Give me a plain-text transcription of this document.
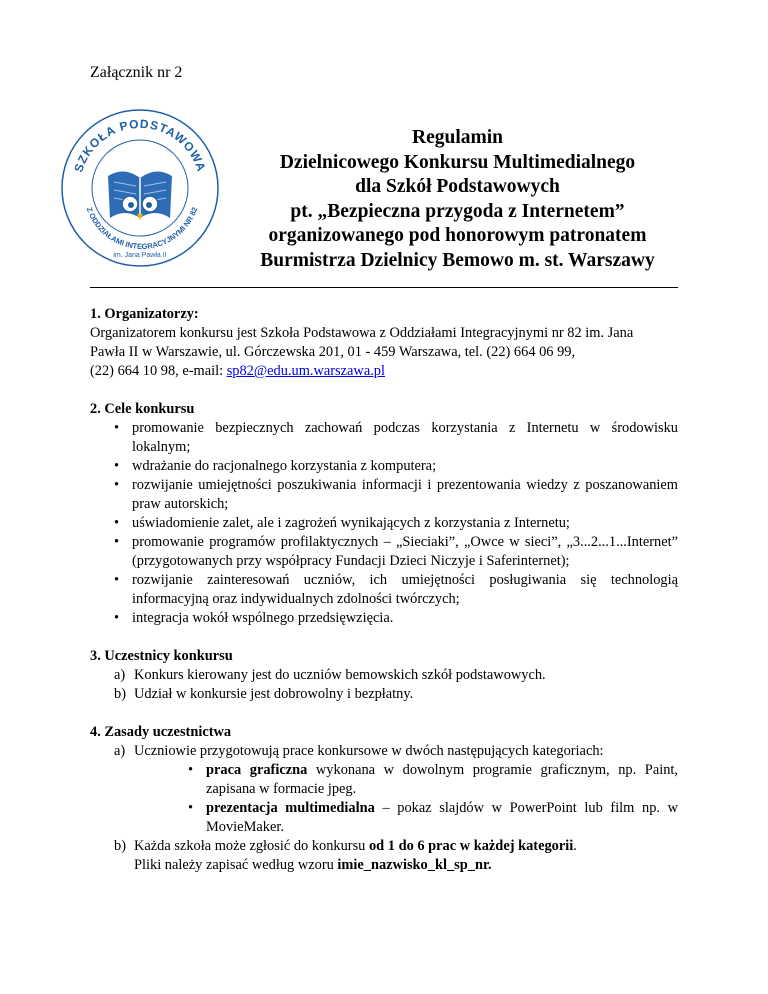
Załącznik nr 2
SZKOŁA PODSTAWOWA
Z ODDZIAŁAMI INTEGRACYJNYMI NR 82
im. Jana Pawła II
Regulamin
Dzielnicowego Konkursu Multimedialnego
dla Szkół Podstawowych
pt. „Bezpieczna przygoda z Internetem”
organizowanego pod honorowym patronatem
Burmistrza Dzielnicy Bemowo m. st. Warszawy
1. Organizatorzy:
Organizatorem konkursu jest Szkoła Podstawowa z Oddziałami Integracyjnymi nr 82 im. Jana
Pawła II w Warszawie, ul. Górczewska 201, 01 - 459 Warszawa, tel. (22) 664 06 99,
(22) 664 10 98, e-mail: sp82@edu.um.warszawa.pl
2. Cele konkursu
• promowanie bezpiecznych zachowań podczas korzystania z Internetu w środowisku lokalnym;
• wdrażanie do racjonalnego korzystania z komputera;
• rozwijanie umiejętności poszukiwania informacji i prezentowania wiedzy z poszanowaniem praw autorskich;
• uświadomienie zalet, ale i zagrożeń wynikających z korzystania z Internetu;
• promowanie programów profilaktycznych – „Sieciaki”, „Owce w sieci”, „3...2...1...Internet” (przygotowanych przy współpracy Fundacji Dzieci Niczyje i Saferinternet);
• rozwijanie zainteresowań uczniów, ich umiejętności posługiwania się technologią informacyjną oraz indywidualnych zdolności twórczych;
• integracja wokół wspólnego przedsięwzięcia.
3. Uczestnicy konkursu
a) Konkurs kierowany jest do uczniów bemowskich szkół podstawowych.
b) Udział w konkursie jest dobrowolny i bezpłatny.
4. Zasady uczestnictwa
a) Uczniowie przygotowują prace konkursowe w dwóch następujących kategoriach:
• praca graficzna wykonana w dowolnym programie graficznym, np. Paint, zapisana w formacie jpeg.
• prezentacja multimedialna – pokaz slajdów w PowerPoint lub film np. w MovieMaker.
b) Każda szkoła może zgłosić do konkursu od 1 do 6 prac w każdej kategorii.
Pliki należy zapisać według wzoru imie_nazwisko_kl_sp_nr.
